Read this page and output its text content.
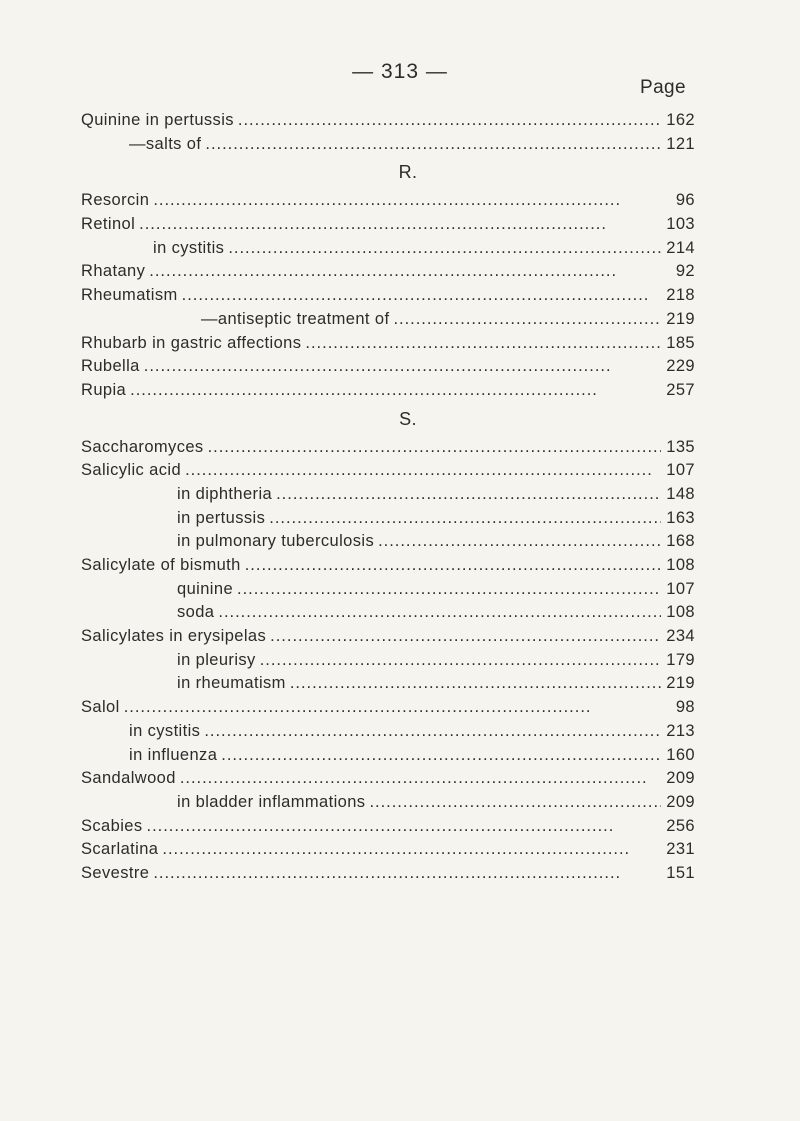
— 313 —
Page
Quinine in pertussis . . .	162
—salts of . . .	121
R.
Resorcin . . .	96
Retinol . . .	103
in cystitis . . .	214
Rhatany . . .	92
Rheumatism . . .	218
—antiseptic treatment of . . .	219
Rhubarb in gastric affections . . .	185
Rubella . . .	229
Rupia . . .	257
S.
Saccharomyces . . .	135
Salicylic acid . . .	107
in diphtheria . . .	148
in pertussis . . .	163
in pulmonary tuberculosis . . .	168
Salicylate of bismuth . . .	108
quinine . . .	107
soda . . .	108
Salicylates in erysipelas . . .	234
in pleurisy . . .	179
in rheumatism . . .	219
Salol . . .	98
in cystitis . . .	213
in influenza . . .	160
Sandalwood . . .	209
in bladder inflammations . . .	209
Scabies . . .	256
Scarlatina . . .	231
Sevestre . . .	151
